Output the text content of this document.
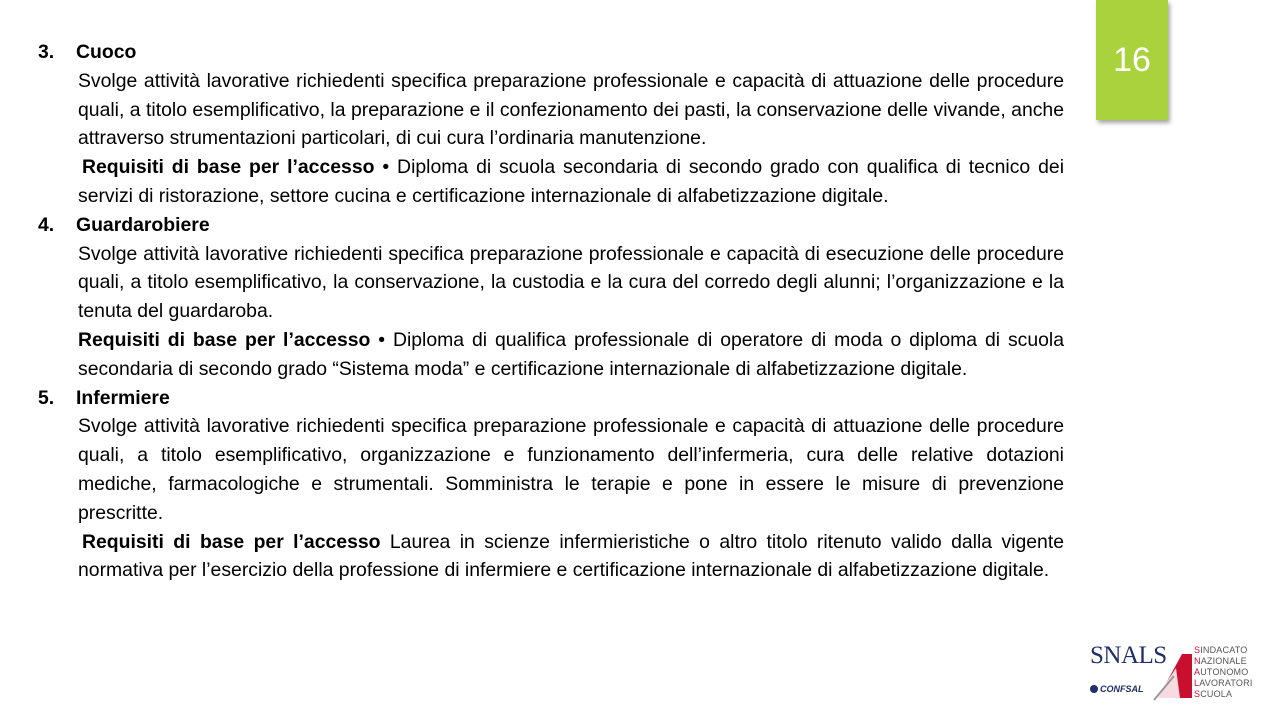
16
3. Cuoco
Svolge attività lavorative richiedenti specifica preparazione professionale e capacità di attuazione delle procedure quali, a titolo esemplificativo, la preparazione e il confezionamento dei pasti, la conservazione delle vivande, anche attraverso strumentazioni particolari, di cui cura l’ordinaria manutenzione.
Requisiti di base per l’accesso • Diploma di scuola secondaria di secondo grado con qualifica di tecnico dei servizi di ristorazione, settore cucina e certificazione internazionale di alfabetizzazione digitale.
4. Guardarobiere
Svolge attività lavorative richiedenti specifica preparazione professionale e capacità di esecuzione delle procedure quali, a titolo esemplificativo, la conservazione, la custodia e la cura del corredo degli alunni; l’organizzazione e la tenuta del guardaroba.
Requisiti di base per l’accesso • Diploma di qualifica professionale di operatore di moda o diploma di scuola secondaria di secondo grado “Sistema moda” e certificazione internazionale di alfabetizzazione digitale.
5. Infermiere
Svolge attività lavorative richiedenti specifica preparazione professionale e capacità di attuazione delle procedure quali, a titolo esemplificativo, organizzazione e funzionamento dell’infermeria, cura delle relative dotazioni mediche, farmacologiche e strumentali. Somministra le terapie e pone in essere le misure di prevenzione prescritte.
Requisiti di base per l’accesso Laurea in scienze infermieristiche o altro titolo ritenuto valido dalla vigente normativa per l’esercizio della professione di infermiere e certificazione internazionale di alfabetizzazione digitale.
SNALS
CONFSAL
SINDACATO
NAZIONALE
AUTONOMO
LAVORATORI
SCUOLA
